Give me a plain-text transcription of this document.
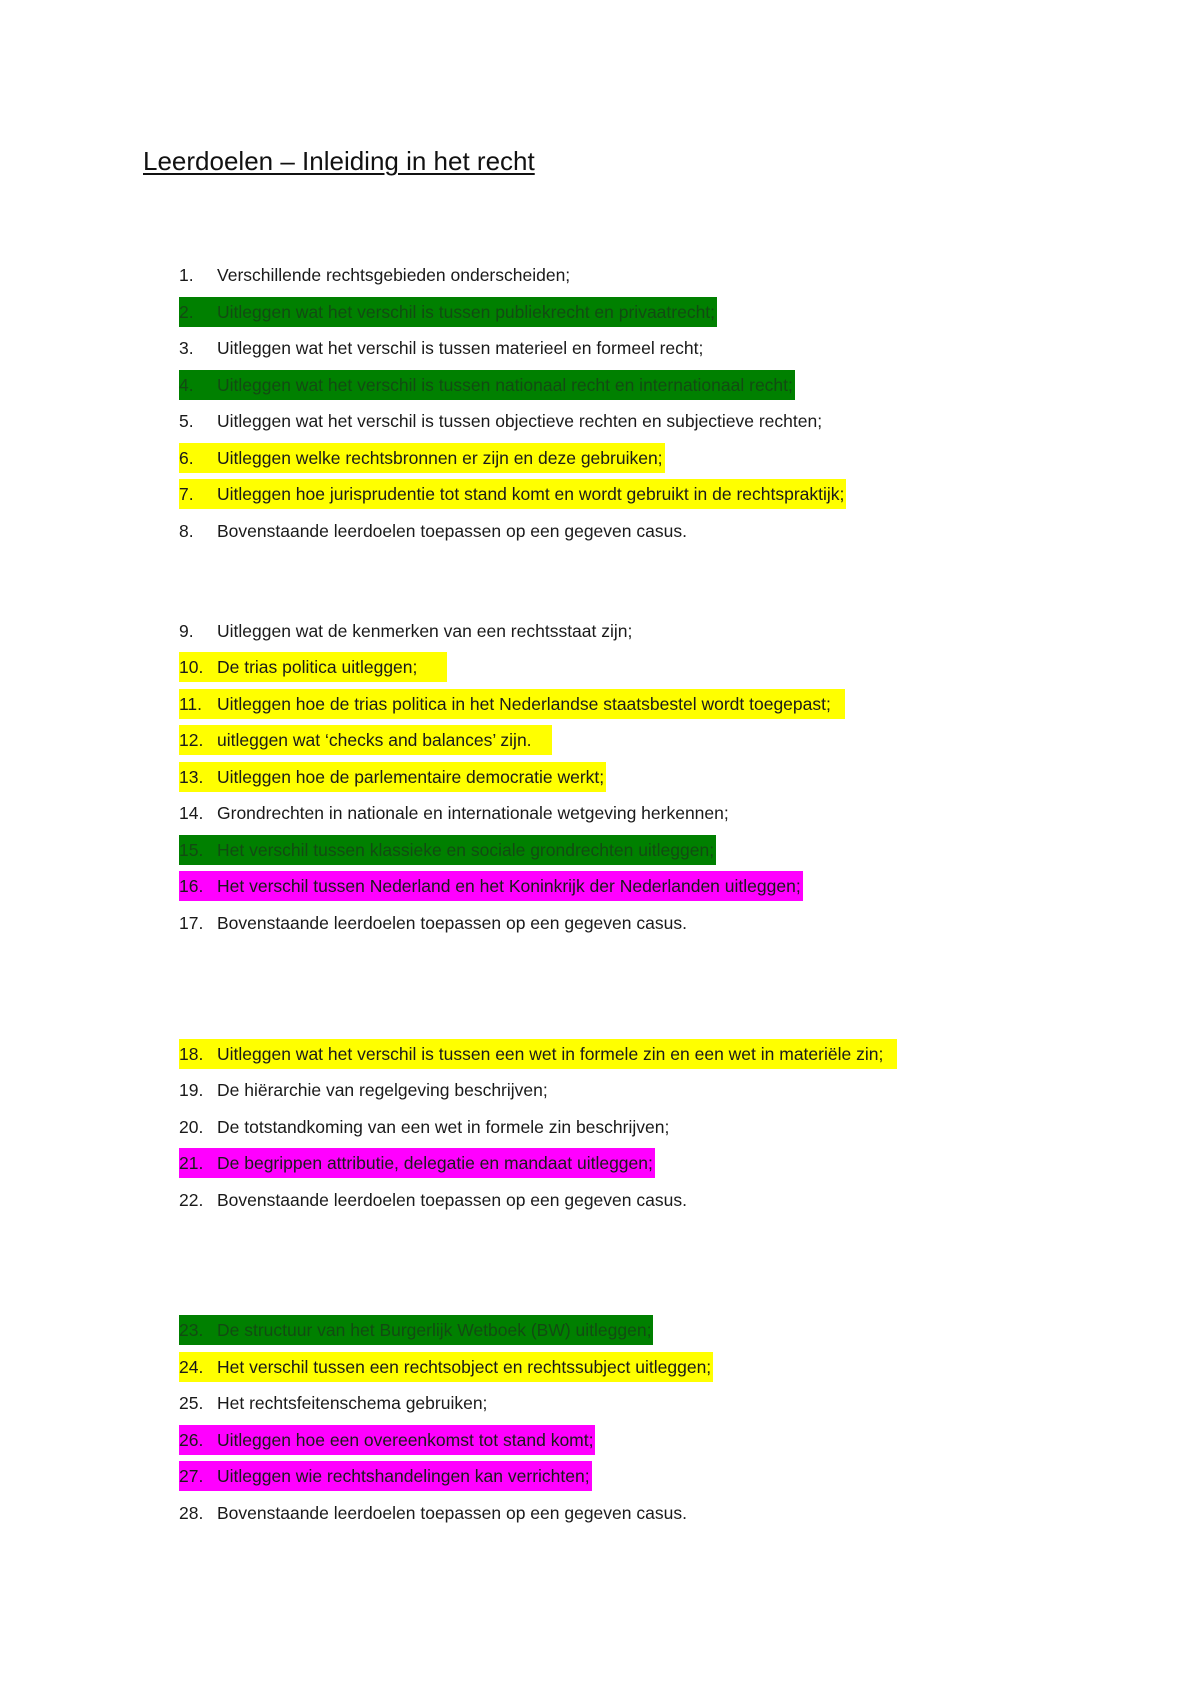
Leerdoelen – Inleiding in het recht
1. Verschillende rechtsgebieden onderscheiden;
2. Uitleggen wat het verschil is tussen publiekrecht en privaatrecht;
3. Uitleggen wat het verschil is tussen materieel en formeel recht;
4. Uitleggen wat het verschil is tussen nationaal recht en internationaal recht;
5. Uitleggen wat het verschil is tussen objectieve rechten en subjectieve rechten;
6. Uitleggen welke rechtsbronnen er zijn en deze gebruiken;
7. Uitleggen hoe jurisprudentie tot stand komt en wordt gebruikt in de rechtspraktijk;
8. Bovenstaande leerdoelen toepassen op een gegeven casus.
9. Uitleggen wat de kenmerken van een rechtsstaat zijn;
10. De trias politica uitleggen;
11. Uitleggen hoe de trias politica in het Nederlandse staatsbestel wordt toegepast;
12. uitleggen wat ‘checks and balances’ zijn.
13. Uitleggen hoe de parlementaire democratie werkt;
14. Grondrechten in nationale en internationale wetgeving herkennen;
15. Het verschil tussen klassieke en sociale grondrechten uitleggen;
16. Het verschil tussen Nederland en het Koninkrijk der Nederlanden uitleggen;
17. Bovenstaande leerdoelen toepassen op een gegeven casus.
18. Uitleggen wat het verschil is tussen een wet in formele zin en een wet in materiële zin;
19. De hiërarchie van regelgeving beschrijven;
20. De totstandkoming van een wet in formele zin beschrijven;
21. De begrippen attributie, delegatie en mandaat uitleggen;
22. Bovenstaande leerdoelen toepassen op een gegeven casus.
23. De structuur van het Burgerlijk Wetboek (BW) uitleggen;
24. Het verschil tussen een rechtsobject en rechtssubject uitleggen;
25. Het rechtsfeitenschema gebruiken;
26. Uitleggen hoe een overeenkomst tot stand komt;
27. Uitleggen wie rechtshandelingen kan verrichten;
28. Bovenstaande leerdoelen toepassen op een gegeven casus.
